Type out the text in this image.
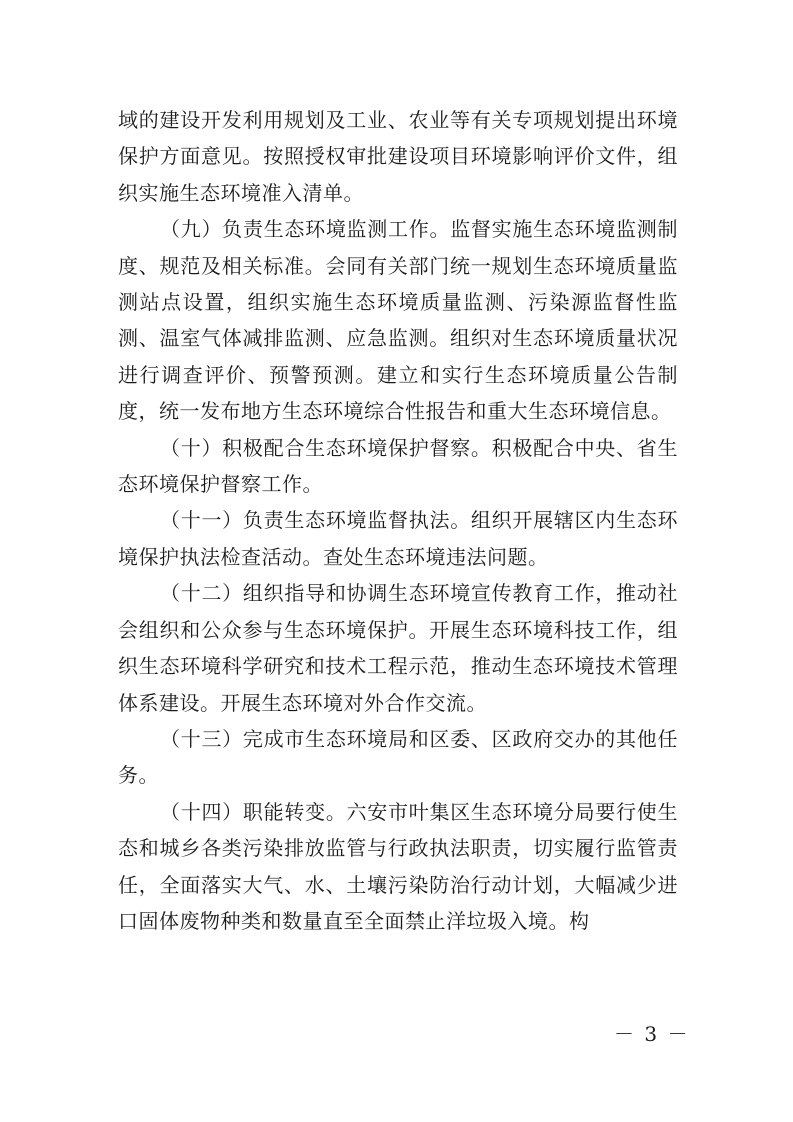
域的建设开发利用规划及工业、农业等有关专项规划提出环境保护方面意见。按照授权审批建设项目环境影响评价文件，组织实施生态环境准入清单。

（九）负责生态环境监测工作。监督实施生态环境监测制度、规范及相关标准。会同有关部门统一规划生态环境质量监测站点设置，组织实施生态环境质量监测、污染源监督性监测、温室气体减排监测、应急监测。组织对生态环境质量状况进行调查评价、预警预测。建立和实行生态环境质量公告制度，统一发布地方生态环境综合性报告和重大生态环境信息。

（十）积极配合生态环境保护督察。积极配合中央、省生态环境保护督察工作。

（十一）负责生态环境监督执法。组织开展辖区内生态环境保护执法检查活动。查处生态环境违法问题。

（十二）组织指导和协调生态环境宣传教育工作，推动社会组织和公众参与生态环境保护。开展生态环境科技工作，组织生态环境科学研究和技术工程示范，推动生态环境技术管理体系建设。开展生态环境对外合作交流。

（十三）完成市生态环境局和区委、区政府交办的其他任务。

（十四）职能转变。六安市叶集区生态环境分局要行使生态和城乡各类污染排放监管与行政执法职责，切实履行监管责任，全面落实大气、水、土壤污染防治行动计划，大幅减少进口固体废物种类和数量直至全面禁止洋垃圾入境。构

－ 3 －
